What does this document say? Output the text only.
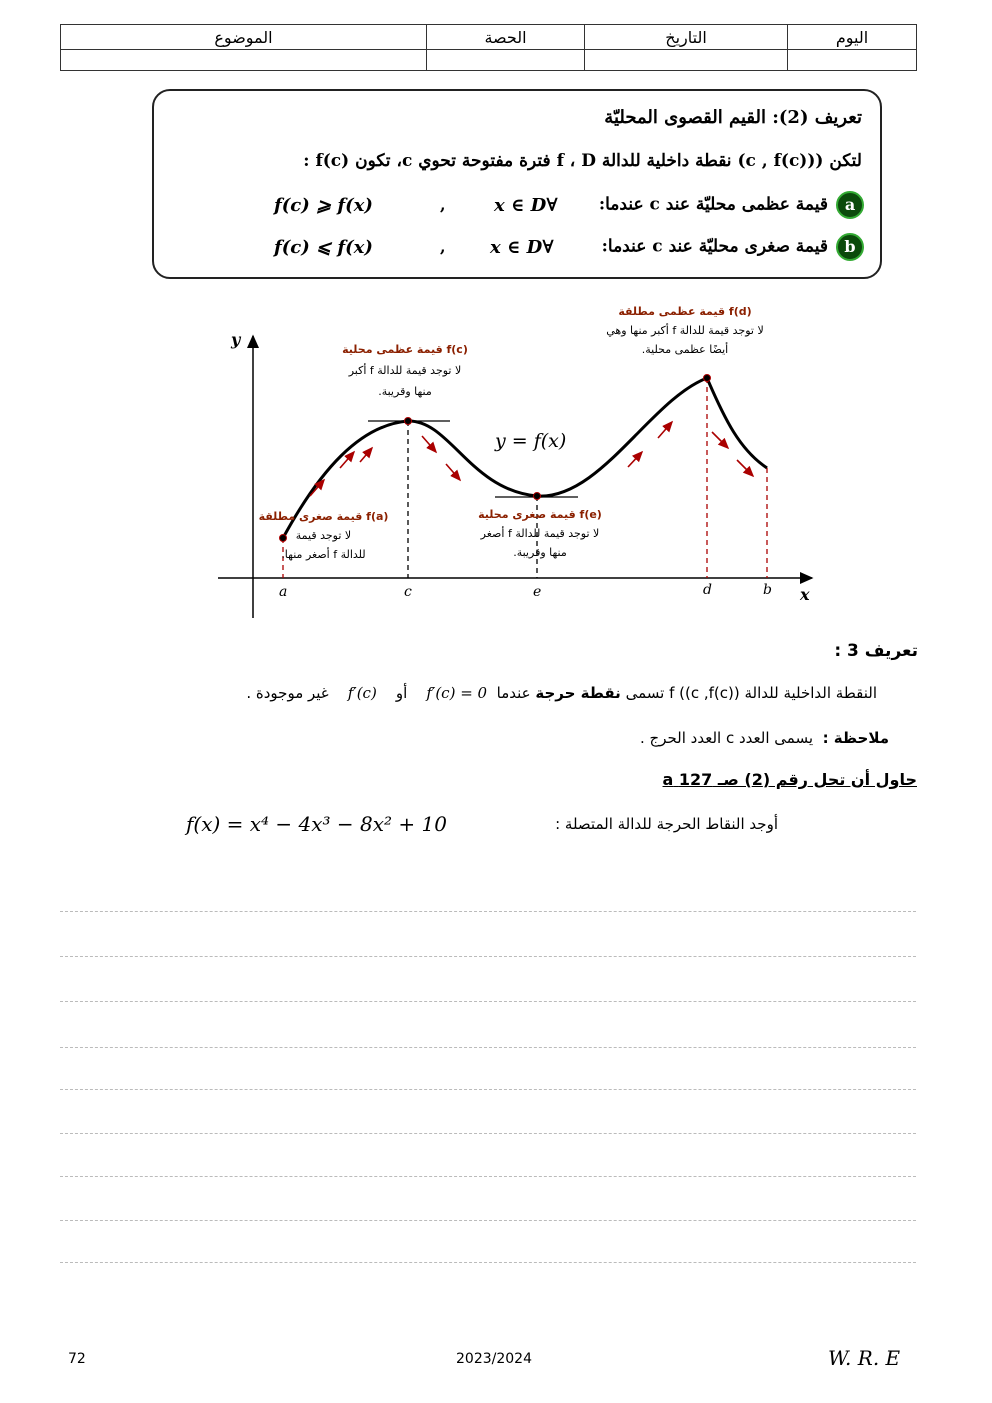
اليوم	التاريخ	الحصة	الموضوع

تعريف (2): القيم القصوى المحليّة
لتكن ((c , f(c)) نقطة داخلية للدالة f ، D فترة مفتوحة تحوي c، تكون f(c) :
aقيمة عظمى محليّة عند c عندما:
∀x ∈ D
,
f(c) ⩾ f(x)
bقيمة صغرى محليّة عند c عندما:
∀x ∈ D
,
f(c) ⩽ f(x)
y
x
y = f(x)
a	c	e	d	b
f(d) قيمة عظمى مطلقة
لا توجد قيمة للدالة f أكبر منها وهي
أيضًا عظمى محلية.
f(c) قيمة عظمى محلية
لا توجد قيمة للدالة f أكبر
منها وقريبة.
f(a) قيمة صغرى مطلقة
لا توجد قيمة
للدالة f أصغر منها.
f(e) قيمة صغرى محلية
لا توجد قيمة للدالة f أصغر
منها وقريبة.
تعريف 3 :
النقطة الداخلية للدالة f ((c ,f(c)) تسمى نقطة حرجة عندما  f′(c) = 0    أو    f′(c)    غير موجودة .
ملاحظة :  يسمى العدد c العدد الحرج .
حاول أن تحل رقم (2) صـ 127 a
أوجد النقاط الحرجة للدالة المتصلة :
f(x) = x⁴ − 4x³ − 8x² + 10
72	2023/2024	W. R. E
